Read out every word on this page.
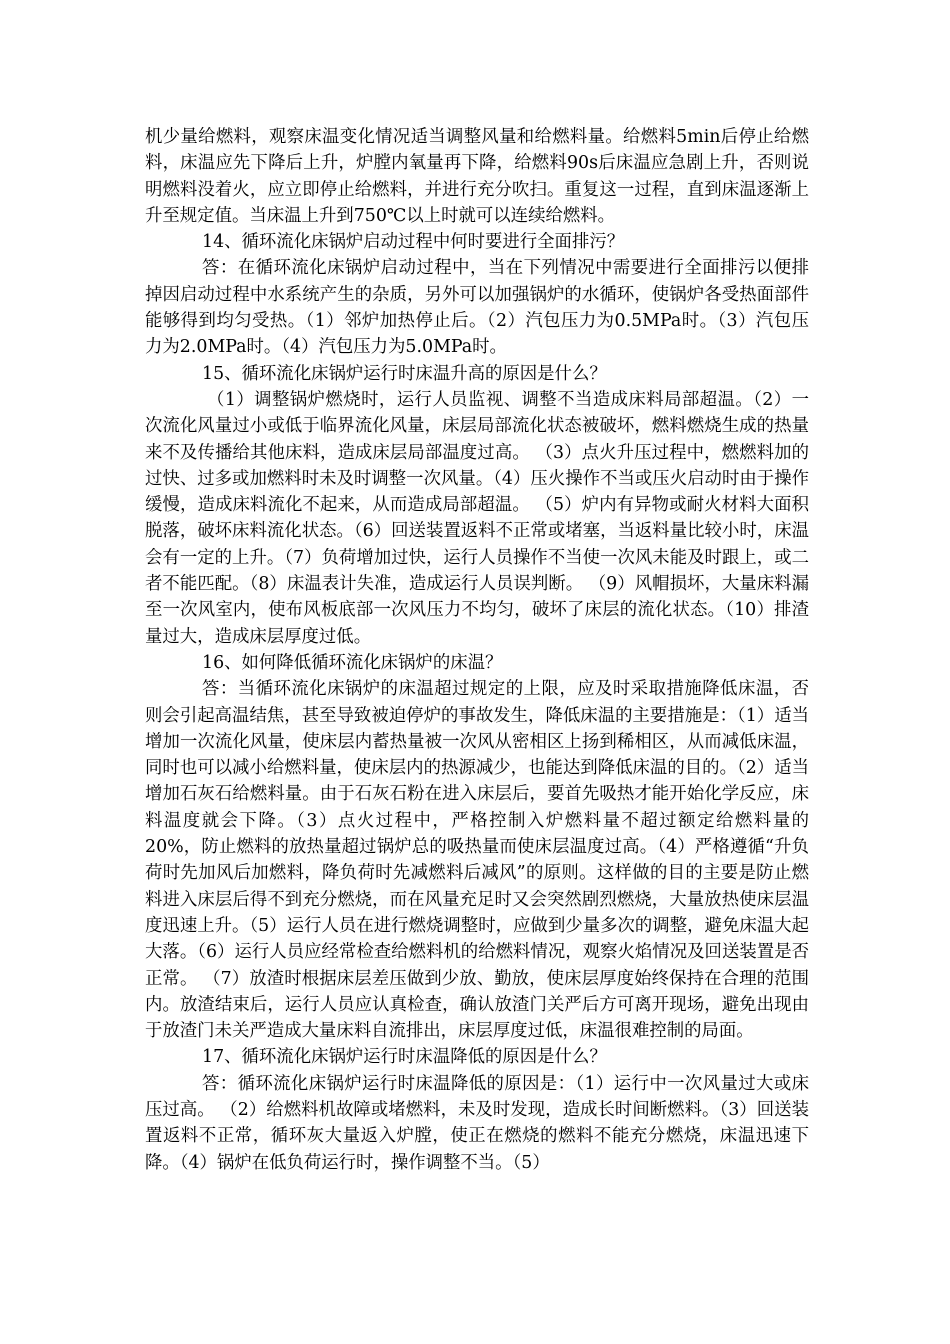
机少量给燃料，观察床温变化情况适当调整风量和给燃料量。给燃料5min后停止给燃料，床温应先下降后上升，炉膛内氧量再下降，给燃料90s后床温应急剧上升，否则说明燃料没着火，应立即停止给燃料，并进行充分吹扫。重复这一过程，直到床温逐渐上升至规定值。当床温上升到750℃以上时就可以连续给燃料。

14、循环流化床锅炉启动过程中何时要进行全面排污？

答：在循环流化床锅炉启动过程中，当在下列情况中需要进行全面排污以便排掉因启动过程中水系统产生的杂质，另外可以加强锅炉的水循环，使锅炉各受热面部件能够得到均匀受热。（1）邻炉加热停止后。（2）汽包压力为0.5MPa时。（3）汽包压力为2.0MPa时。（4）汽包压力为5.0MPa时。

15、循环流化床锅炉运行时床温升高的原因是什么？

（1）调整锅炉燃烧时，运行人员监视、调整不当造成床料局部超温。（2）一次流化风量过小或低于临界流化风量，床层局部流化状态被破坏，燃料燃烧生成的热量来不及传播给其他床料，造成床层局部温度过高。 （3）点火升压过程中，燃燃料加的过快、过多或加燃料时未及时调整一次风量。（4）压火操作不当或压火启动时由于操作缓慢，造成床料流化不起来，从而造成局部超温。 （5）炉内有异物或耐火材料大面积脱落，破坏床料流化状态。（6）回送装置返料不正常或堵塞，当返料量比较小时，床温会有一定的上升。（7）负荷增加过快，运行人员操作不当使一次风未能及时跟上，或二者不能匹配。（8）床温表计失准，造成运行人员误判断。 （9）风帽损坏，大量床料漏至一次风室内，使布风板底部一次风压力不均匀，破坏了床层的流化状态。（10）排渣量过大，造成床层厚度过低。

16、如何降低循环流化床锅炉的床温？

答：当循环流化床锅炉的床温超过规定的上限，应及时采取措施降低床温，否则会引起高温结焦，甚至导致被迫停炉的事故发生，降低床温的主要措施是：（1）适当增加一次流化风量，使床层内蓄热量被一次风从密相区上扬到稀相区，从而减低床温，同时也可以减小给燃料量，使床层内的热源减少，也能达到降低床温的目的。（2）适当增加石灰石给燃料量。由于石灰石粉在进入床层后，要首先吸热才能开始化学反应，床料温度就会下降。（3）点火过程中，严格控制入炉燃料量不超过额定给燃料量的20%，防止燃料的放热量超过锅炉总的吸热量而使床层温度过高。（4）严格遵循“升负荷时先加风后加燃料，降负荷时先减燃料后减风”的原则。这样做的目的主要是防止燃料进入床层后得不到充分燃烧，而在风量充足时又会突然剧烈燃烧，大量放热使床层温度迅速上升。（5）运行人员在进行燃烧调整时，应做到少量多次的调整，避免床温大起大落。（6）运行人员应经常检查给燃料机的给燃料情况，观察火焰情况及回送装置是否正常。 （7）放渣时根据床层差压做到少放、勤放，使床层厚度始终保持在合理的范围内。放渣结束后，运行人员应认真检查，确认放渣门关严后方可离开现场，避免出现由于放渣门未关严造成大量床料自流排出，床层厚度过低，床温很难控制的局面。

17、循环流化床锅炉运行时床温降低的原因是什么？

答：循环流化床锅炉运行时床温降低的原因是：（1）运行中一次风量过大或床压过高。 （2）给燃料机故障或堵燃料，未及时发现，造成长时间断燃料。（3）回送装置返料不正常，循环灰大量返入炉膛，使正在燃烧的燃料不能充分燃烧，床温迅速下降。（4）锅炉在低负荷运行时，操作调整不当。（5）
